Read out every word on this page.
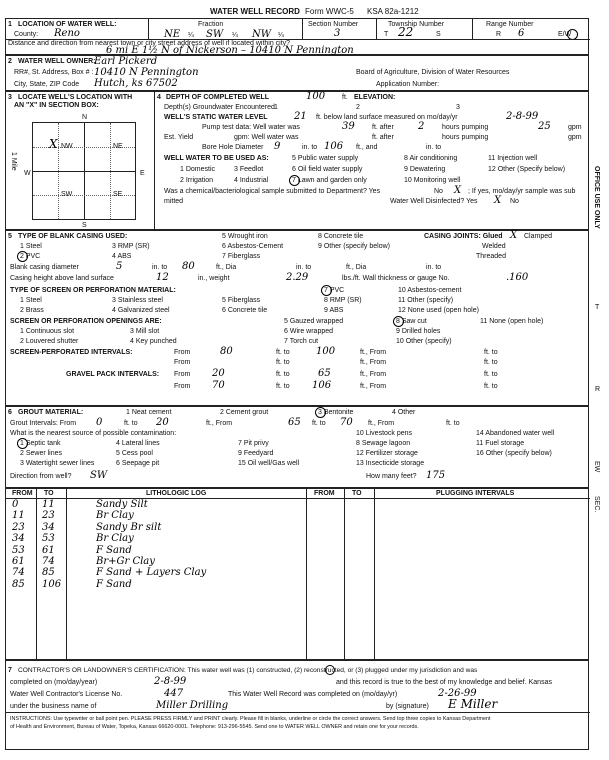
WATER WELL RECORD Form WWC-5 KSA 82a-1212
1 LOCATION OF WATER WELL:
County: Reno
Fraction
NE ¼ SW ¼ NW ¼
Section Number
3
Township Number
T 22	S
Range Number
R 6	E/W
Distance and direction from nearest town or city street address of well if located within city?
6 mi E 1½ N of Nickerson – 10410 N Pennington
2 WATER WELL OWNER:
Earl Pickerd
RR#, St. Address, Box # : 10410 N Pennington	Board of Agriculture, Division of Water Resources
City, State, ZIP Code Hutch, ks 67502	Application Number:
3 LOCATE WELL'S LOCATION WITH
AN "X" IN SECTION BOX:
NW	NE
SW	SE
X
N
S
W	E
1 Mile
4 DEPTH OF COMPLETED WELL	100 ft. ELEVATION:
Depth(s) Groundwater Encountered 1	2	3
WELL'S STATIC WATER LEVEL	21 ft. below land surface measured on mo/day/yr	2-8-99
Pump test data: Well water was	39 ft. after 2	hours pumping	25 gpm
Est. Yield	gpm: Well water was	ft. after	hours pumping	gpm
Bore Hole Diameter 9	in. to 106 ft., and	in. to
WELL WATER TO BE USED AS:	5 Public water supply	8 Air conditioning	11 Injection well
1 Domestic	3 Feedlot	6 Oil field water supply	9 Dewatering	12 Other (Specify below)
2 Irrigation	4 Industrial	7 Lawn and garden only	10 Monitoring well
Was a chemical/bacteriological sample submitted to Department? Yes	No X ; If yes, mo/day/yr sample was sub
mitted	Water Well Disinfected? Yes X No
5 TYPE OF BLANK CASING USED:	5 Wrought iron	8 Concrete tile	CASING JOINTS: Glued X Clamped
1 Steel	3 RMP (SR)	6 Asbestos-Cement	9 Other (specify below)	Welded
2 PVC	4 ABS	7 Fiberglass	Threaded
Blank casing diameter	5	in. to 80	ft., Dia	in. to	ft., Dia	in. to
Casing height above land surface	12	in., weight	2.29	lbs./ft. Wall thickness or gauge No.	.160
TYPE OF SCREEN OR PERFORATION MATERIAL:	7 PVC	10 Asbestos-cement
1 Steel	3 Stainless steel	5 Fiberglass	8 RMP (SR)	11 Other (specify)
2 Brass	4 Galvanized steel	6 Concrete tile	9 ABS	12 None used (open hole)
SCREEN OR PERFORATION OPENINGS ARE:	5 Gauzed wrapped	8 Saw cut	11 None (open hole)
1 Continuous slot	3 Mill slot	6 Wire wrapped	9 Drilled holes
2 Louvered shutter	4 Key punched	7 Torch cut	10 Other (specify)
SCREEN-PERFORATED INTERVALS:	From	80	ft. to	100	ft., From	ft. to
From	ft. to	ft., From	ft. to
GRAVEL PACK INTERVALS: From 20	ft. to	65	ft., From	ft. to
From 70	ft. to 106	ft., From	ft. to
6 GROUT MATERIAL:	1 Neat cement	2 Cement grout	3 Bentonite	4 Other
Grout Intervals: From 0	ft. to 20	ft., From	65 ft. to 70 ft., From	ft. to
What is the nearest source of possible contamination:	10 Livestock pens	14 Abandoned water well
1 Septic tank	4 Lateral lines	7 Pit privy	8 Sewage lagoon	11 Fuel storage
2 Sewer lines	5 Cess pool	9 Feedyard	12 Fertilizer storage	16 Other (specify below)
3 Watertight sewer lines	6 Seepage pit	15 Oil well/Gas well	13 Insecticide storage
Direction from well? SW	How many feet? 175
FROM TO	LITHOLOGIC LOG	FROM TO	PLUGGING INTERVALS
0 11	Sandy Silt
11 23	Br Clay
23 34	Sandy Br silt
34 53	Br Clay
53 61	F Sand
61 74	Br+Gr Clay
74 85	F Sand + Layers Clay
85 106	F Sand
7 CONTRACTOR'S OR LANDOWNER'S CERTIFICATION: This water well was (1) constructed, (2) reconstructed, or (3) plugged under my jurisdiction and was
completed on (mo/day/year)	2-8-99	and this record is true to the best of my knowledge and belief. Kansas
Water Well Contractor's License No.	447	This Water Well Record was completed on (mo/day/yr)	2-26-99
under the business name of	Miller Drilling	by (signature) E Miller
INSTRUCTIONS: Use typewriter or ball point pen. PLEASE PRESS FIRMLY and PRINT clearly. Please fill in blanks, underline or circle the correct answers. Send top three copies to Kansas Department
of Health and Environment, Bureau of Water, Topeka, Kansas 66620-0001. Telephone: 913-296-5545. Send one to WATER WELL OWNER and retain one for your records.
OFFICE USE ONLY
T
R
EW
SEC.
